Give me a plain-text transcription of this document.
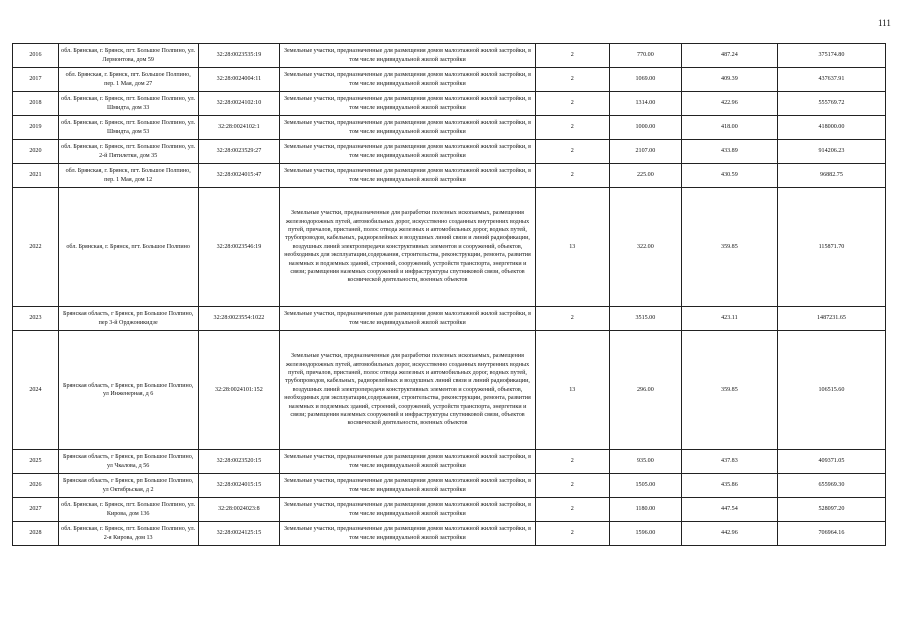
111
2016	обл. Брянская, г. Брянск, пгт. Большое Полпино, ул. Лермонтова, дом 59	32:28:0023535:19	Земельные участки, предназначенные для размещения домов малоэтажной жилой застройки, в том числе индивидуальной жилой застройки	2	770.00	487.24	375174.80
2017	обл. Брянская, г. Брянск, пгт. Большое Полпино, пер. 1 Мая, дом 27	32:28:0024004:11	Земельные участки, предназначенные для размещения домов малоэтажной жилой застройки, в том числе индивидуальной жилой застройки	2	1069.00	409.39	437637.91
2018	обл. Брянская, г. Брянск, пгт. Большое Полпино, ул. Шмидта, дом 33	32:28:0024102:10	Земельные участки, предназначенные для размещения домов малоэтажной жилой застройки, в том числе индивидуальной жилой застройки	2	1314.00	422.96	555769.72
2019	обл. Брянская, г. Брянск, пгт. Большое Полпино, ул. Шмидта, дом 53	32:28:0024102:1	Земельные участки, предназначенные для размещения домов малоэтажной жилой застройки, в том числе индивидуальной жилой застройки	2	1000.00	418.00	418000.00
2020	обл. Брянская, г. Брянск, пгт. Большое Полпино, ул. 2-й Пятилетки, дом 35	32:28:0023529:27	Земельные участки, предназначенные для размещения домов малоэтажной жилой застройки, в том числе индивидуальной жилой застройки	2	2107.00	433.89	914206.23
2021	обл. Брянская, г. Брянск, пгт. Большое Полпино, пер. 1 Мая, дом 12	32:28:0024015:47	Земельные участки, предназначенные для размещения домов малоэтажной жилой застройки, в том числе индивидуальной жилой застройки	2	225.00	430.59	96882.75
2022	обл. Брянская, г. Брянск, пгт. Большое Полпино	32:28:0023546:19	Земельные участки, предназначенные для разработки полезных ископаемых, размещения железнодорожных путей, автомобильных дорог, искусственно созданных внутренних водных путей, причалов, пристаней, полос отвода железных и автомобильных дорог, водных путей, трубопроводов, кабельных, радиорелейных и воздушных линий связи и линий радиофикации, воздушных линий электропередачи конструктивных элементов и сооружений, объектов, необходимых для эксплуатации,содержания, строительства, реконструкции, ремонта, развития наземных и подземных зданий, строений, сооружений, устройств транспорта, энергетики и связи; размещения наземных сооружений и инфраструктуры спутниковой связи, объектов космической деятельности, военных объектов	13	322.00	359.85	115871.70
2023	Брянская область, г Брянск, рп Большое Полпино, пер 3-й Орджоникидзе	32:28:0023554:1022	Земельные участки, предназначенные для размещения домов малоэтажной жилой застройки, в том числе индивидуальной жилой застройки	2	3515.00	423.11	1487231.65
2024	Брянская область, г Брянск, рп Большое Полпино, ул Инженерная, д 6	32:28:0024101:152	Земельные участки, предназначенные для разработки полезных ископаемых, размещения железнодорожных путей, автомобильных дорог, искусственно созданных внутренних водных путей, причалов, пристаней, полос отвода железных и автомобильных дорог, водных путей, трубопроводов, кабельных, радиорелейных и воздушных линий связи и линий радиофикации, воздушных линий электропередачи конструктивных элементов и сооружений, объектов, необходимых для эксплуатации,содержания, строительства, реконструкции, ремонта, развития наземных и подземных зданий, строений, сооружений, устройств транспорта, энергетики и связи; размещения наземных сооружений и инфраструктуры спутниковой связи, объектов космической деятельности, военных объектов	13	296.00	359.85	106515.60
2025	Брянская область, г Брянск, рп Большое Полпино, ул Чкалова, д 56	32:28:0023520:15	Земельные участки, предназначенные для размещения домов малоэтажной жилой застройки, в том числе индивидуальной жилой застройки	2	935.00	437.83	409371.05
2026	Брянская область, г Брянск, рп Большое Полпино, ул Октябрьская, д 2	32:28:0024015:15	Земельные участки, предназначенные для размещения домов малоэтажной жилой застройки, в том числе индивидуальной жилой застройки	2	1505.00	435.86	655969.30
2027	обл. Брянская, г. Брянск, пгт. Большое Полпино, ул. Кирова, дом 136	32:28:0024023:8	Земельные участки, предназначенные для размещения домов малоэтажной жилой застройки, в том числе индивидуальной жилой застройки	2	1180.00	447.54	528097.20
2028	обл. Брянская, г. Брянск, пгт. Большое Полпино, ул. 2-я Кирова, дом 13	32:28:0024125:15	Земельные участки, предназначенные для размещения домов малоэтажной жилой застройки, в том числе индивидуальной жилой застройки	2	1596.00	442.96	706964.16
